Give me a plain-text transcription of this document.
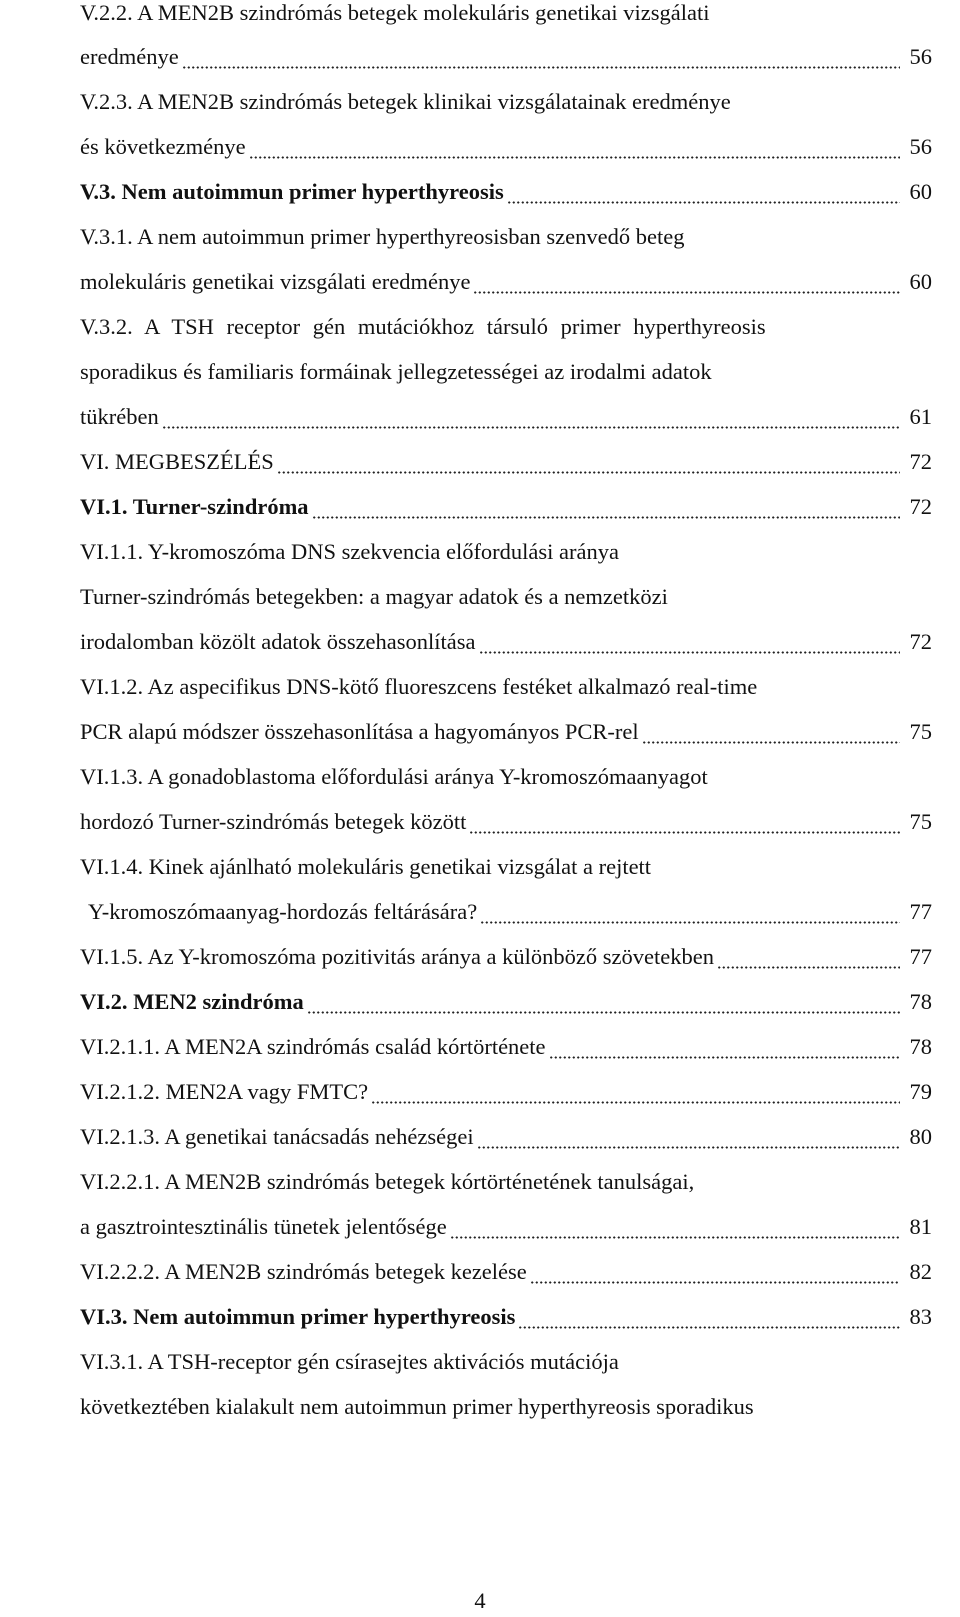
V.2.2. A MEN2B szindrómás betegek molekuláris genetikai vizsgálati
eredménye	56
V.2.3. A MEN2B szindrómás betegek klinikai vizsgálatainak eredménye
és következménye	56
V.3. Nem autoimmun primer hyperthyreosis	60
V.3.1. A nem autoimmun primer hyperthyreosisban szenvedő beteg
molekuláris genetikai vizsgálati eredménye	60
V.3.2. A TSH receptor gén mutációkhoz társuló primer hyperthyreosis
sporadikus és familiaris formáinak jellegzetességei az irodalmi adatok
tükrében	61
VI. MEGBESZÉLÉS	72
VI.1. Turner-szindróma	72
VI.1.1. Y-kromoszóma DNS szekvencia előfordulási aránya
Turner-szindrómás betegekben: a magyar adatok és a nemzetközi
irodalomban közölt adatok összehasonlítása	72
VI.1.2. Az aspecifikus DNS-kötő fluoreszcens festéket alkalmazó real-time
PCR alapú módszer összehasonlítása a hagyományos PCR-rel	75
VI.1.3. A gonadoblastoma előfordulási aránya Y-kromoszómaanyagot
hordozó Turner-szindrómás betegek között	75
VI.1.4. Kinek ajánlható molekuláris genetikai vizsgálat a rejtett
Y-kromoszómaanyag-hordozás feltárására?	77
VI.1.5. Az Y-kromoszóma pozitivitás aránya a különböző szövetekben	77
VI.2. MEN2 szindróma	78
VI.2.1.1. A MEN2A szindrómás család kórtörténete	78
VI.2.1.2. MEN2A vagy FMTC?	79
VI.2.1.3. A genetikai tanácsadás nehézségei	80
VI.2.2.1. A MEN2B szindrómás betegek kórtörténetének tanulságai,
a gasztrointesztinális tünetek jelentősége	81
VI.2.2.2. A MEN2B szindrómás betegek kezelése	82
VI.3. Nem autoimmun primer hyperthyreosis	83
VI.3.1. A TSH-receptor gén csírasejtes aktivációs mutációja
következtében kialakult nem autoimmun primer hyperthyreosis sporadikus
4
